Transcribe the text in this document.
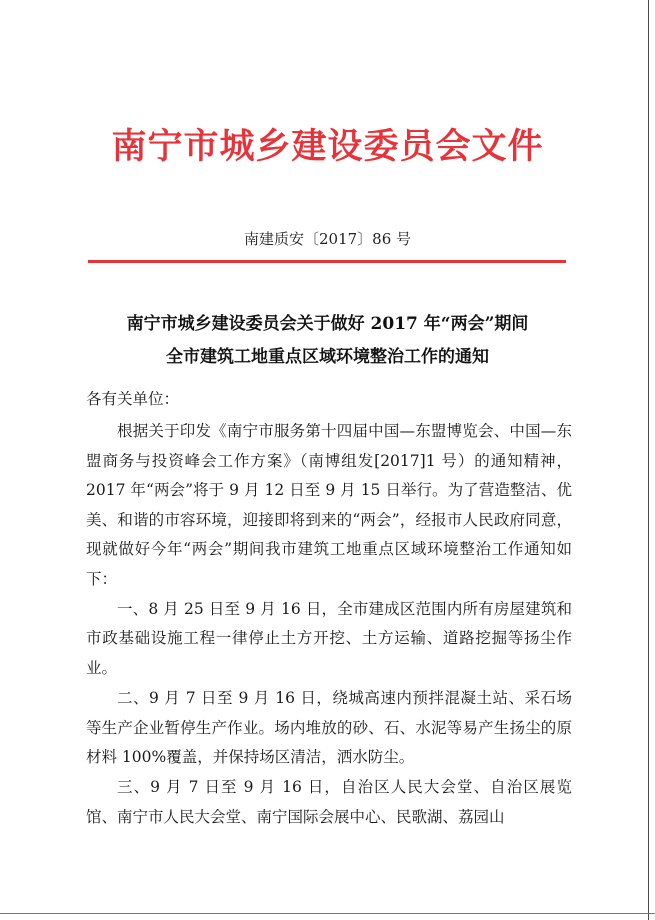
南宁市城乡建设委员会文件
南建质安〔2017〕86 号
南宁市城乡建设委员会关于做好 2017 年“两会”期间
全市建筑工地重点区域环境整治工作的通知
各有关单位：

根据关于印发《南宁市服务第十四届中国—东盟博览会、中国—东盟商务与投资峰会工作方案》（南博组发[2017]1 号）的通知精神，2017 年“两会”将于 9 月 12 日至 9 月 15 日举行。为了营造整洁、优美、和谐的市容环境，迎接即将到来的“两会”，经报市人民政府同意，现就做好今年“两会”期间我市建筑工地重点区域环境整治工作通知如下：

一、8 月 25 日至 9 月 16 日，全市建成区范围内所有房屋建筑和市政基础设施工程一律停止土方开挖、土方运输、道路挖掘等扬尘作业。

二、9 月 7 日至 9 月 16 日，绕城高速内预拌混凝土站、采石场等生产企业暂停生产作业。场内堆放的砂、石、水泥等易产生扬尘的原材料 100%覆盖，并保持场区清洁，洒水防尘。

三、9 月 7 日至 9 月 16 日，自治区人民大会堂、自治区展览馆、南宁市人民大会堂、南宁国际会展中心、民歌湖、荔园山
